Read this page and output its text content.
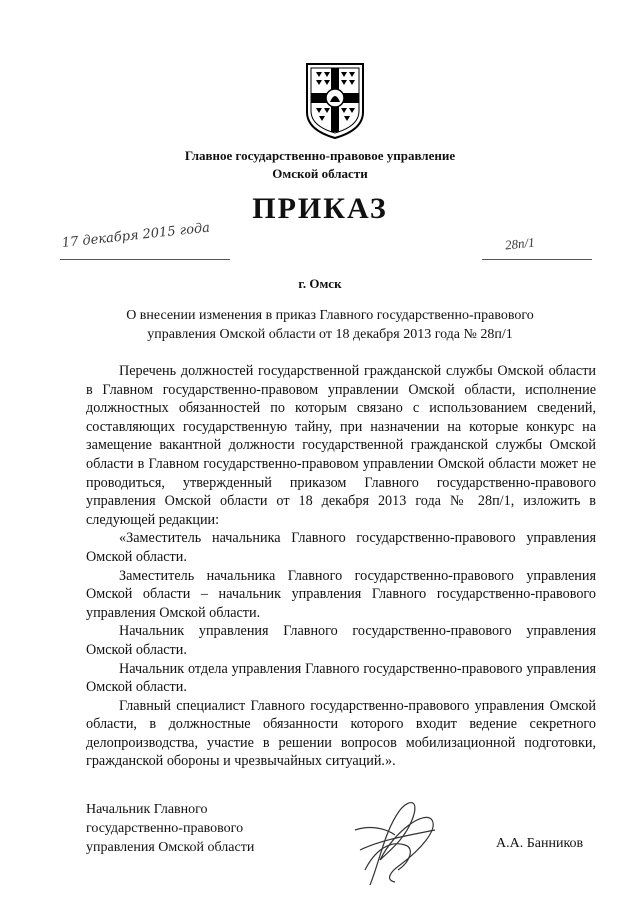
Главное государственно-правовое управление
Омской области
ПРИКАЗ
17 декабря 2015 года	28п/1
г. Омск
О внесении изменения в приказ Главного государственно-правового
управления Омской области от 18 декабря 2013 года № 28п/1

Перечень должностей государственной гражданской службы Омской области в Главном государственно-правовом управлении Омской области, исполнение должностных обязанностей по которым связано с использованием сведений, составляющих государственную тайну, при назначении на которые конкурс на замещение вакантной должности государственной гражданской службы Омской области в Главном государственно-правовом управлении Омской области может не проводиться, утвержденный приказом Главного государственно-правового управления Омской области от 18 декабря 2013 года № 28п/1, изложить в следующей редакции:

«Заместитель начальника Главного государственно-правового управления Омской области.

Заместитель начальника Главного государственно-правового управления Омской области – начальник управления Главного государственно-правового управления Омской области.

Начальник управления Главного государственно-правового управления Омской области.

Начальник отдела управления Главного государственно-правового управления Омской области.

Главный специалист Главного государственно-правового управления Омской области, в должностные обязанности которого входит ведение секретного делопроизводства, участие в решении вопросов мобилизационной подготовки, гражданской обороны и чрезвычайных ситуаций.».

Начальник Главного
государственно-правового
управления Омской области	А.А. Банников
